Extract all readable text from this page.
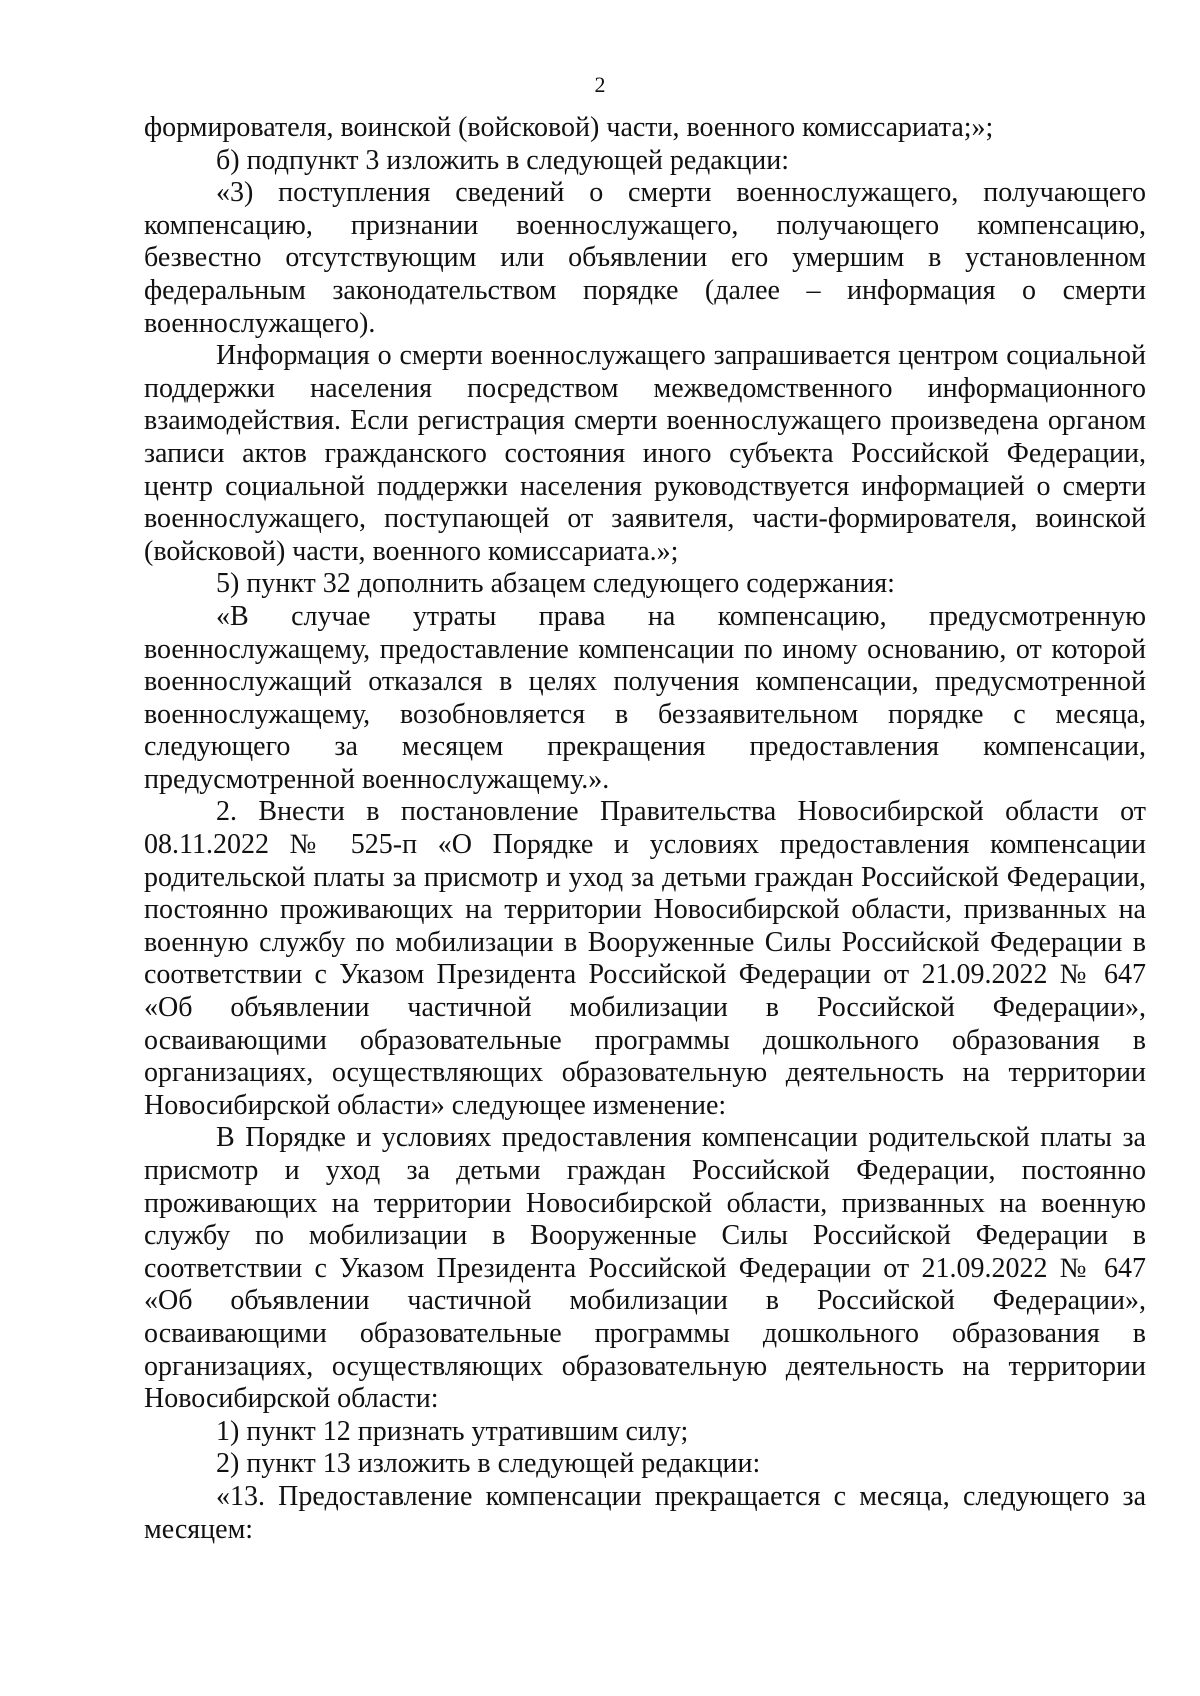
2

формирователя, воинской (войсковой) части, военного комиссариата;»;

б) подпункт 3 изложить в следующей редакции:

«3) поступления сведений о смерти военнослужащего, получающего компенсацию, признании военнослужащего, получающего компенсацию, безвестно отсутствующим или объявлении его умершим в установленном федеральным законодательством порядке (далее – информация о смерти военнослужащего).

Информация о смерти военнослужащего запрашивается центром социальной поддержки населения посредством межведомственного информационного взаимодействия. Если регистрация смерти военнослужащего произведена органом записи актов гражданского состояния иного субъекта Российской Федерации, центр социальной поддержки населения руководствуется информацией о смерти военнослужащего, поступающей от заявителя, части-формирователя, воинской (войсковой) части, военного комиссариата.»;

5) пункт 32 дополнить абзацем следующего содержания:

«В случае утраты права на компенсацию, предусмотренную военнослужащему, предоставление компенсации по иному основанию, от которой военнослужащий отказался в целях получения компенсации, предусмотренной военнослужащему, возобновляется в беззаявительном порядке с месяца, следующего за месяцем прекращения предоставления компенсации, предусмотренной военнослужащему.».

2. Внести в постановление Правительства Новосибирской области от 08.11.2022 № 525-п «О Порядке и условиях предоставления компенсации родительской платы за присмотр и уход за детьми граждан Российской Федерации, постоянно проживающих на территории Новосибирской области, призванных на военную службу по мобилизации в Вооруженные Силы Российской Федерации в соответствии с Указом Президента Российской Федерации от 21.09.2022 № 647 «Об объявлении частичной мобилизации в Российской Федерации», осваивающими образовательные программы дошкольного образования в организациях, осуществляющих образовательную деятельность на территории Новосибирской области» следующее изменение:

В Порядке и условиях предоставления компенсации родительской платы за присмотр и уход за детьми граждан Российской Федерации, постоянно проживающих на территории Новосибирской области, призванных на военную службу по мобилизации в Вооруженные Силы Российской Федерации в соответствии с Указом Президента Российской Федерации от 21.09.2022 № 647 «Об объявлении частичной мобилизации в Российской Федерации», осваивающими образовательные программы дошкольного образования в организациях, осуществляющих образовательную деятельность на территории Новосибирской области:

1) пункт 12 признать утратившим силу;

2) пункт 13 изложить в следующей редакции:

«13. Предоставление компенсации прекращается с месяца, следующего за месяцем:
